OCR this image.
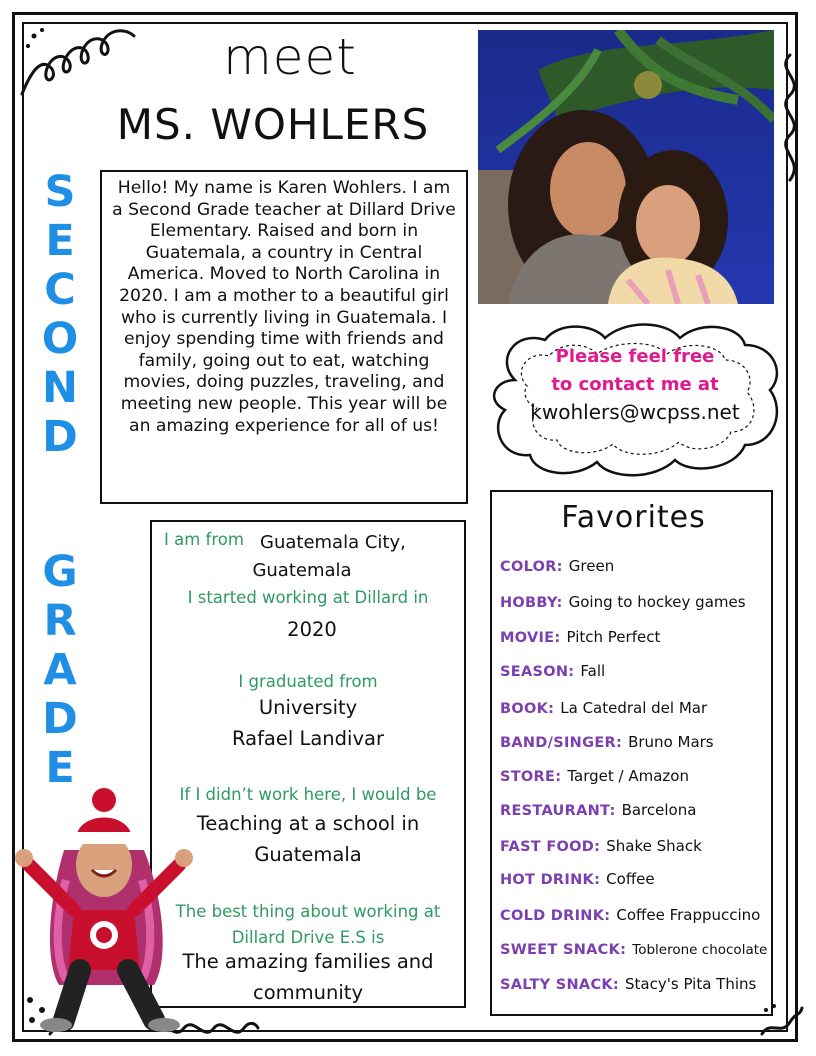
meet
MS. WOHLERS
S
E
C
O
N
D
G
R
A
D
E
Hello! My name is Karen Wohlers. I am a Second Grade teacher at Dillard Drive Elementary. Raised and born in Guatemala, a country in Central America. Moved to North Carolina in 2020. I am a mother to a beautiful girl who is currently living in Guatemala. I enjoy spending time with friends and family, going out to eat, watching movies, doing puzzles, traveling, and meeting new people. This year will be an amazing experience for all of us!
Please feel free
to contact me at
kwohlers@wcpss.net
I am from Guatemala City,
Guatemala
I started working at Dillard in
2020
I graduated from
University
Rafael Landivar
If I didn’t work here, I would be
Teaching at a school in
Guatemala
The best thing about working at
Dillard Drive E.S is
The amazing families and
community
Favorites
COLOR: Green
HOBBY: Going to hockey games
MOVIE: Pitch Perfect
SEASON: Fall
BOOK: La Catedral del Mar
BAND/SINGER: Bruno Mars
STORE: Target / Amazon
RESTAURANT: Barcelona
FAST FOOD: Shake Shack
HOT DRINK: Coffee
COLD DRINK: Coffee Frappuccino
SWEET SNACK: Toblerone chocolate
SALTY SNACK: Stacy's Pita Thins
